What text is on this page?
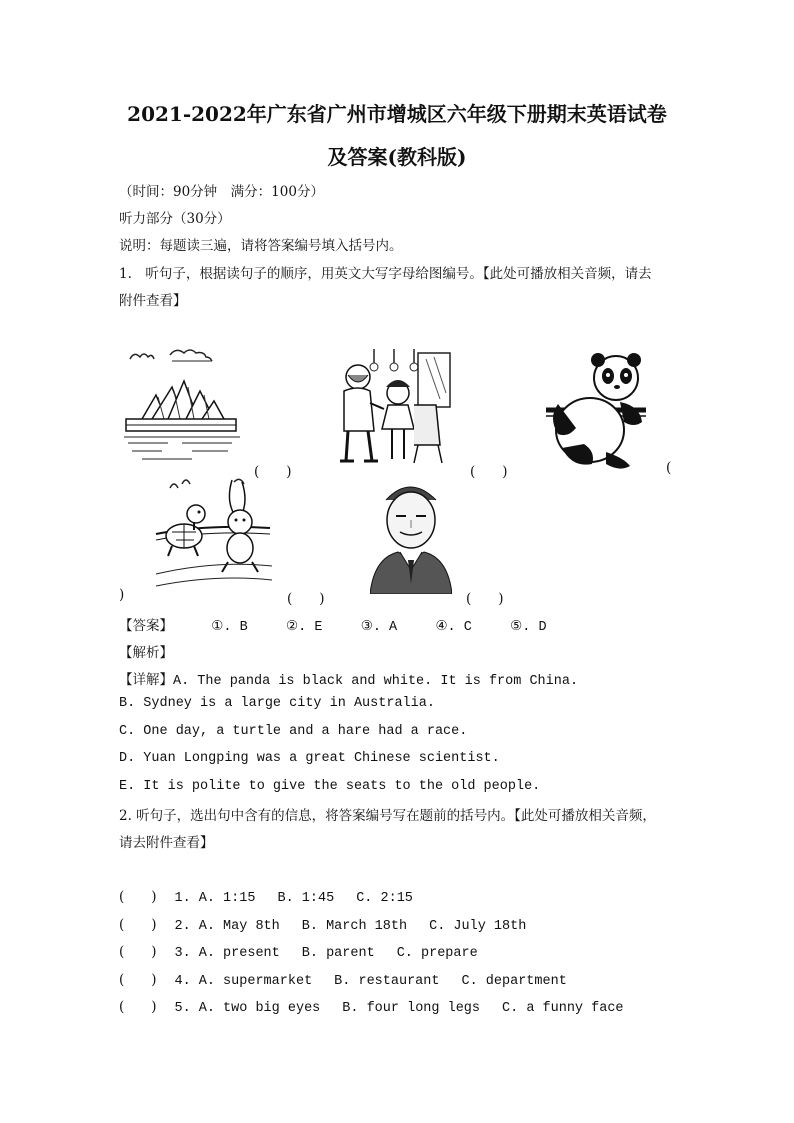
2021-2022年广东省广州市增城区六年级下册期末英语试卷
及答案(教科版)
（时间：90分钟　满分：100分）
听力部分（30分）
说明：每题读三遍，请将答案编号填入括号内。
1.　听句子，根据读句子的顺序，用英文大写字母给图编号。【此处可播放相关音频，请去
附件查看】
(　　)	(　　)	(
)	(　　)	(　　)
【答案】	①. B	②. E	③. A	④. C	⑤. D
【解析】
【详解】A. The panda is black and white. It is from China.
B. Sydney is a large city in Australia.
C. One day, a turtle and a hare had a race.
D. Yuan Longping was a great Chinese scientist.
E. It is polite to give the seats to the old people.
2. 听句子，选出句中含有的信息，将答案编号写在题前的括号内。【此处可播放相关音频，
请去附件查看】
(　　) 1. A. 1:15 B. 1:45 C. 2:15
(　　) 2. A. May 8th B. March 18th C. July 18th
(　　) 3. A. present B. parent C. prepare
(　　) 4. A. supermarket B. restaurant C. department
(　　) 5. A. two big eyes B. four long legs C. a funny face
